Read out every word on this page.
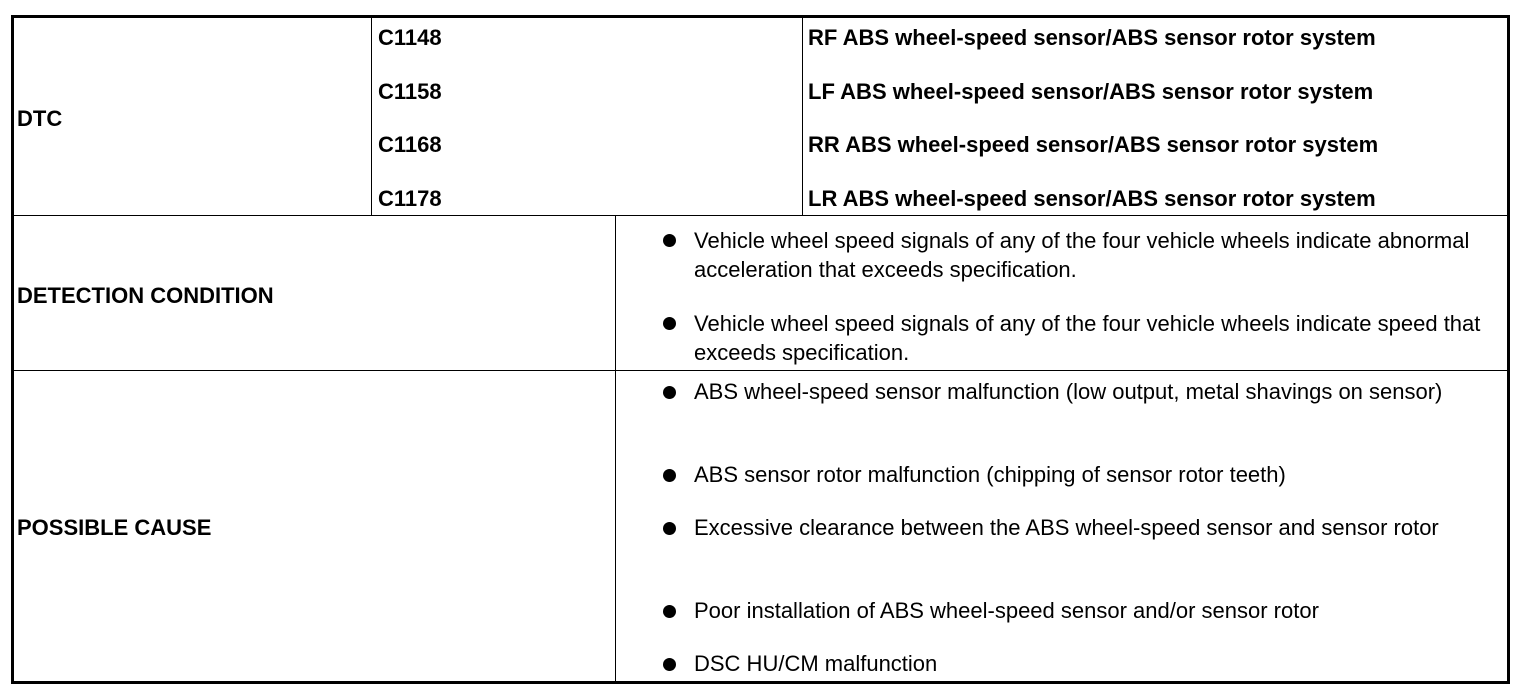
DTC
C1148	RF ABS wheel-speed sensor/ABS sensor rotor system
C1158	LF ABS wheel-speed sensor/ABS sensor rotor system
C1168	RR ABS wheel-speed sensor/ABS sensor rotor system
C1178	LR ABS wheel-speed sensor/ABS sensor rotor system
DETECTION CONDITION
Vehicle wheel speed signals of any of the four vehicle wheels indicate abnormal acceleration that exceeds specification.
Vehicle wheel speed signals of any of the four vehicle wheels indicate speed that exceeds specification.
POSSIBLE CAUSE
ABS wheel-speed sensor malfunction (low output, metal shavings on sensor)
ABS sensor rotor malfunction (chipping of sensor rotor teeth)
Excessive clearance between the ABS wheel-speed sensor and sensor rotor
Poor installation of ABS wheel-speed sensor and/or sensor rotor
DSC HU/CM malfunction
